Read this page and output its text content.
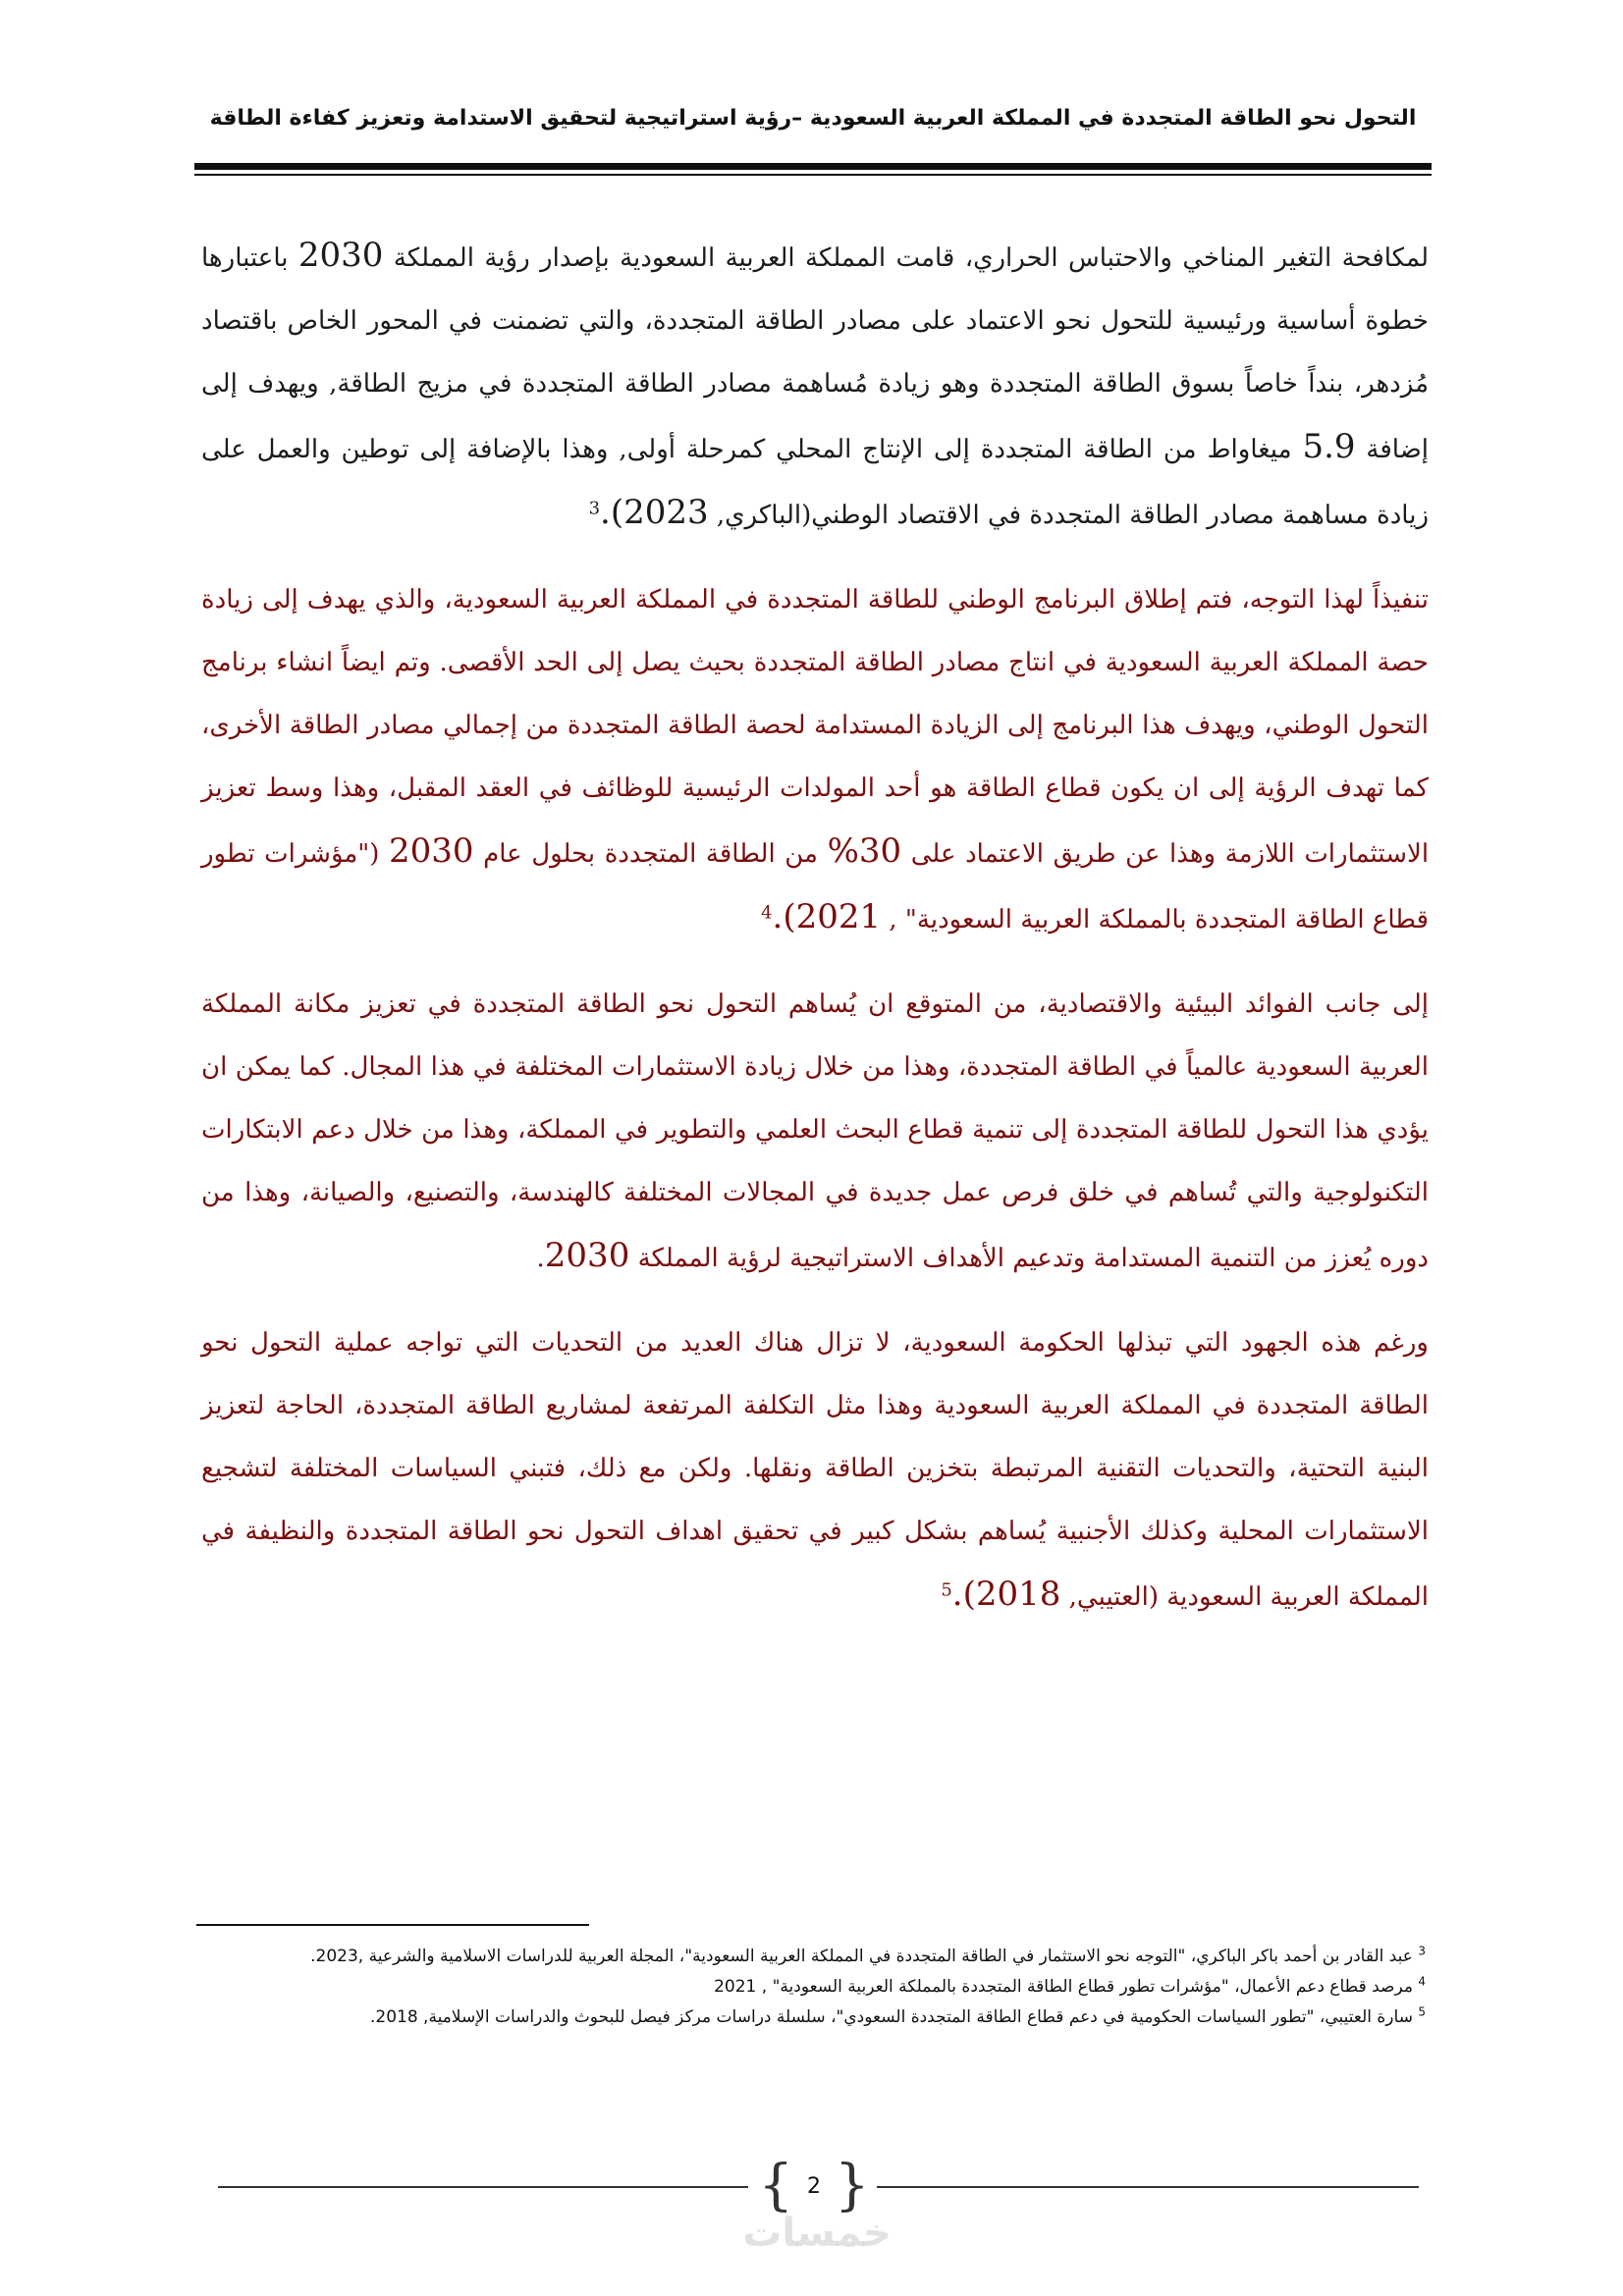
التحول نحو الطاقة المتجددة في المملكة العربية السعودية –رؤية استراتيجية لتحقيق الاستدامة وتعزيز كفاءة الطاقة

لمكافحة التغير المناخي والاحتباس الحراري، قامت المملكة العربية السعودية بإصدار رؤية المملكة 2030 باعتبارها خطوة أساسية ورئيسية للتحول نحو الاعتماد على مصادر الطاقة المتجددة، والتي تضمنت في المحور الخاص باقتصاد مُزدهر، بنداً خاصاً بسوق الطاقة المتجددة وهو زيادة مُساهمة مصادر الطاقة المتجددة في مزيج الطاقة, ويهدف إلى إضافة 5.9 ميغاواط من الطاقة المتجددة إلى الإنتاج المحلي كمرحلة أولى, وهذا بالإضافة إلى توطين والعمل على زيادة مساهمة مصادر الطاقة المتجددة في الاقتصاد الوطني(الباكري, 2023).$^3$

تنفيذاً لهذا التوجه، فتم إطلاق البرنامج الوطني للطاقة المتجددة في المملكة العربية السعودية، والذي يهدف إلى زيادة حصة المملكة العربية السعودية في انتاج مصادر الطاقة المتجددة بحيث يصل إلى الحد الأقصى. وتم ايضاً انشاء برنامج التحول الوطني، ويهدف هذا البرنامج إلى الزيادة المستدامة لحصة الطاقة المتجددة من إجمالي مصادر الطاقة الأخرى، كما تهدف الرؤية إلى ان يكون قطاع الطاقة هو أحد المولدات الرئيسية للوظائف في العقد المقبل، وهذا وسط تعزيز الاستثمارات اللازمة وهذا عن طريق الاعتماد على 30% من الطاقة المتجددة بحلول عام 2030 ("مؤشرات تطور قطاع الطاقة المتجددة بالمملكة العربية السعودية" , 2021).$^4$

إلى جانب الفوائد البيئية والاقتصادية، من المتوقع ان يُساهم التحول نحو الطاقة المتجددة في تعزيز مكانة المملكة العربية السعودية عالمياً في الطاقة المتجددة، وهذا من خلال زيادة الاستثمارات المختلفة في هذا المجال. كما يمكن ان يؤدي هذا التحول للطاقة المتجددة إلى تنمية قطاع البحث العلمي والتطوير في المملكة، وهذا من خلال دعم الابتكارات التكنولوجية والتي تُساهم في خلق فرص عمل جديدة في المجالات المختلفة كالهندسة، والتصنيع، والصيانة، وهذا من دوره يُعزز من التنمية المستدامة وتدعيم الأهداف الاستراتيجية لرؤية المملكة 2030.

ورغم هذه الجهود التي تبذلها الحكومة السعودية، لا تزال هناك العديد من التحديات التي تواجه عملية التحول نحو الطاقة المتجددة في المملكة العربية السعودية وهذا مثل التكلفة المرتفعة لمشاريع الطاقة المتجددة، الحاجة لتعزيز البنية التحتية، والتحديات التقنية المرتبطة بتخزين الطاقة ونقلها. ولكن مع ذلك، فتبني السياسات المختلفة لتشجيع الاستثمارات المحلية وكذلك الأجنبية يُساهم بشكل كبير في تحقيق اهداف التحول نحو الطاقة المتجددة والنظيفة في المملكة العربية السعودية (العتيبي, 2018).$^5$

$^3$ عبد القادر بن أحمد باكر الباكري، "التوجه نحو الاستثمار في الطاقة المتجددة في المملكة العربية السعودية"، المجلة العربية للدراسات الاسلامية والشرعية ,2023.

$^4$ مرصد قطاع دعم الأعمال، "مؤشرات تطور قطاع الطاقة المتجددة بالمملكة العربية السعودية" , 2021

$^5$ سارة العتيبي، "تطور السياسات الحكومية في دعم قطاع الطاقة المتجددة السعودي"، سلسلة دراسات مركز فيصل للبحوث والدراسات الإسلامية, 2018.

{ 2 }
خمسات
